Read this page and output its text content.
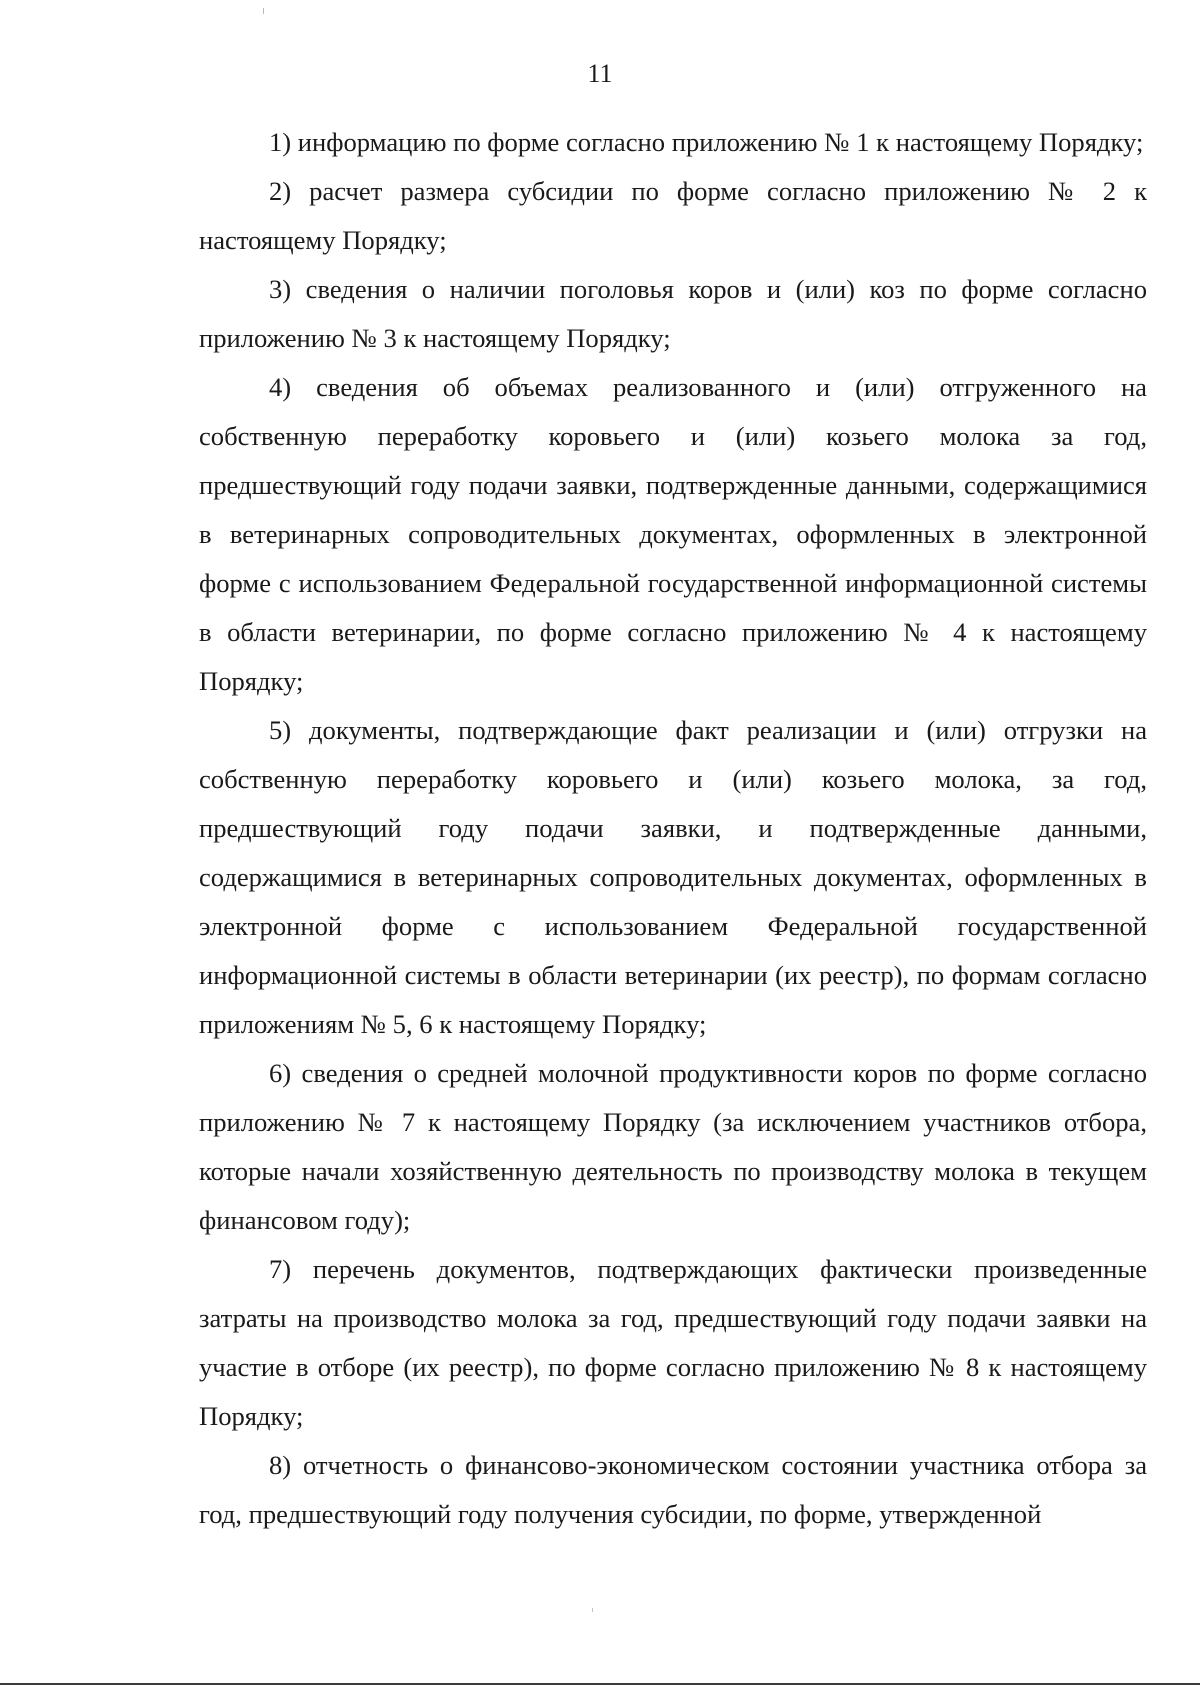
11

1) информацию по форме согласно приложению № 1 к настоящему Порядку;

2) расчет размера субсидии по форме согласно приложению № 2 к настоящему Порядку;

3) сведения о наличии поголовья коров и (или) коз по форме согласно приложению № 3 к настоящему Порядку;

4) сведения об объемах реализованного и (или) отгруженного на собственную переработку коровьего и (или) козьего молока за год, предшествующий году подачи заявки, подтвержденные данными, содержащимися в ветеринарных сопроводительных документах, оформленных в электронной форме с использованием Федеральной государственной информационной системы в области ветеринарии, по форме согласно приложению № 4 к настоящему Порядку;

5) документы, подтверждающие факт реализации и (или) отгрузки на собственную переработку коровьего и (или) козьего молока, за год, предшествующий году подачи заявки, и подтвержденные данными, содержащимися в ветеринарных сопроводительных документах, оформленных в электронной форме с использованием Федеральной государственной информационной системы в области ветеринарии (их реестр), по формам согласно приложениям № 5, 6 к настоящему Порядку;

6) сведения о средней молочной продуктивности коров по форме согласно приложению № 7 к настоящему Порядку (за исключением участников отбора, которые начали хозяйственную деятельность по производству молока в текущем финансовом году);

7) перечень документов, подтверждающих фактически произведенные затраты на производство молока за год, предшествующий году подачи заявки на участие в отборе (их реестр), по форме согласно приложению № 8 к настоящему Порядку;

8) отчетность о финансово-экономическом состоянии участника отбора за год, предшествующий году получения субсидии, по форме, утвержденной
